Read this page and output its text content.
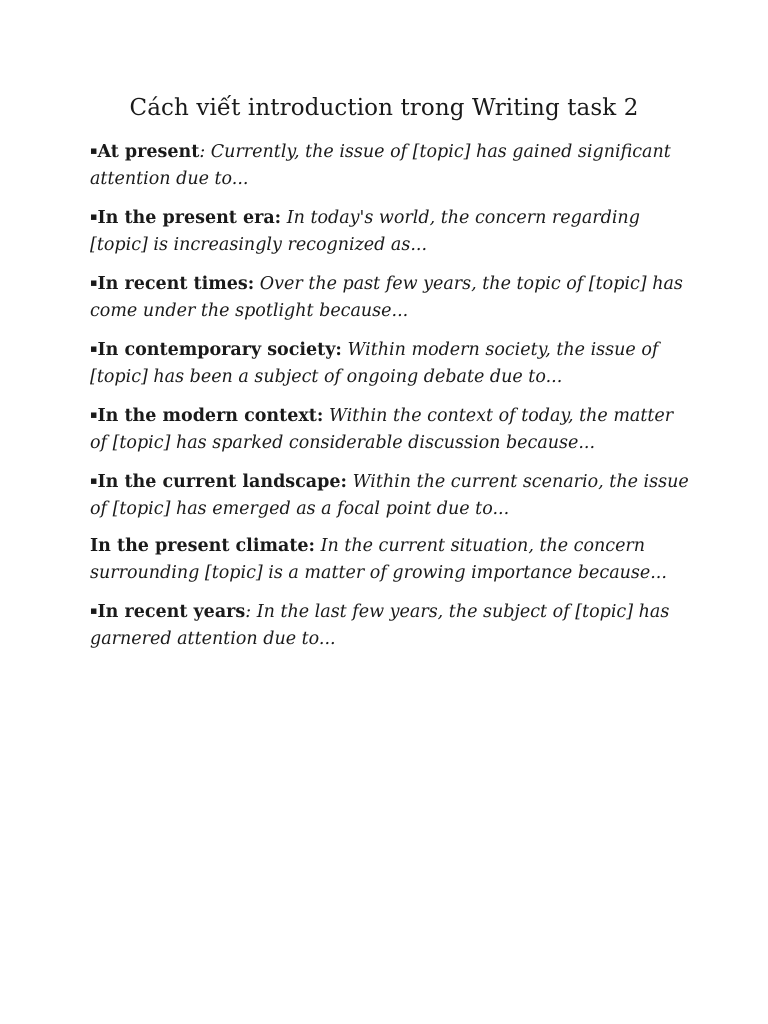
Cách viết introduction trong Writing task 2
▪At present: Currently, the issue of [topic] has gained significant attention due to...
▪In the present era: In today's world, the concern regarding [topic] is increasingly recognized as...
▪In recent times: Over the past few years, the topic of [topic] has come under the spotlight because...
▪In contemporary society: Within modern society, the issue of [topic] has been a subject of ongoing debate due to...
▪In the modern context: Within the context of today, the matter of [topic] has sparked considerable discussion because...
▪In the current landscape: Within the current scenario, the issue of [topic] has emerged as a focal point due to...
In the present climate: In the current situation, the concern surrounding [topic] is a matter of growing importance because...
▪In recent years: In the last few years, the subject of [topic] has garnered attention due to...
